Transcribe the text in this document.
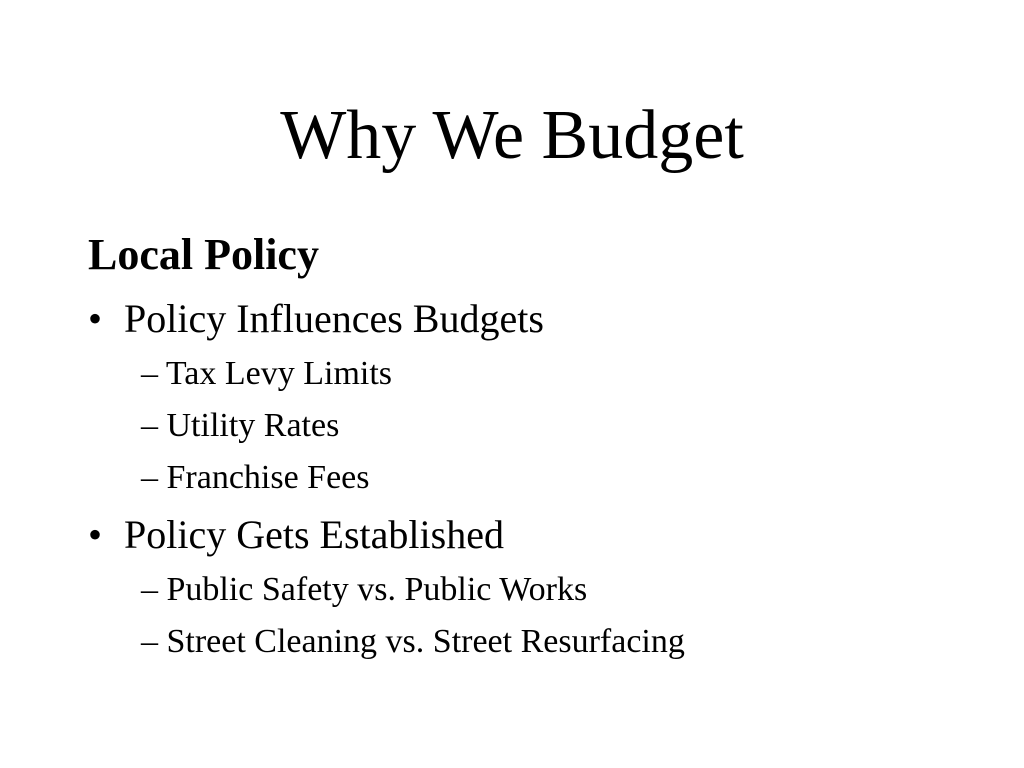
Why We Budget
Local Policy
• Policy Influences Budgets
– Tax Levy Limits
– Utility Rates
– Franchise Fees
• Policy Gets Established
– Public Safety vs. Public Works
– Street Cleaning vs. Street Resurfacing
